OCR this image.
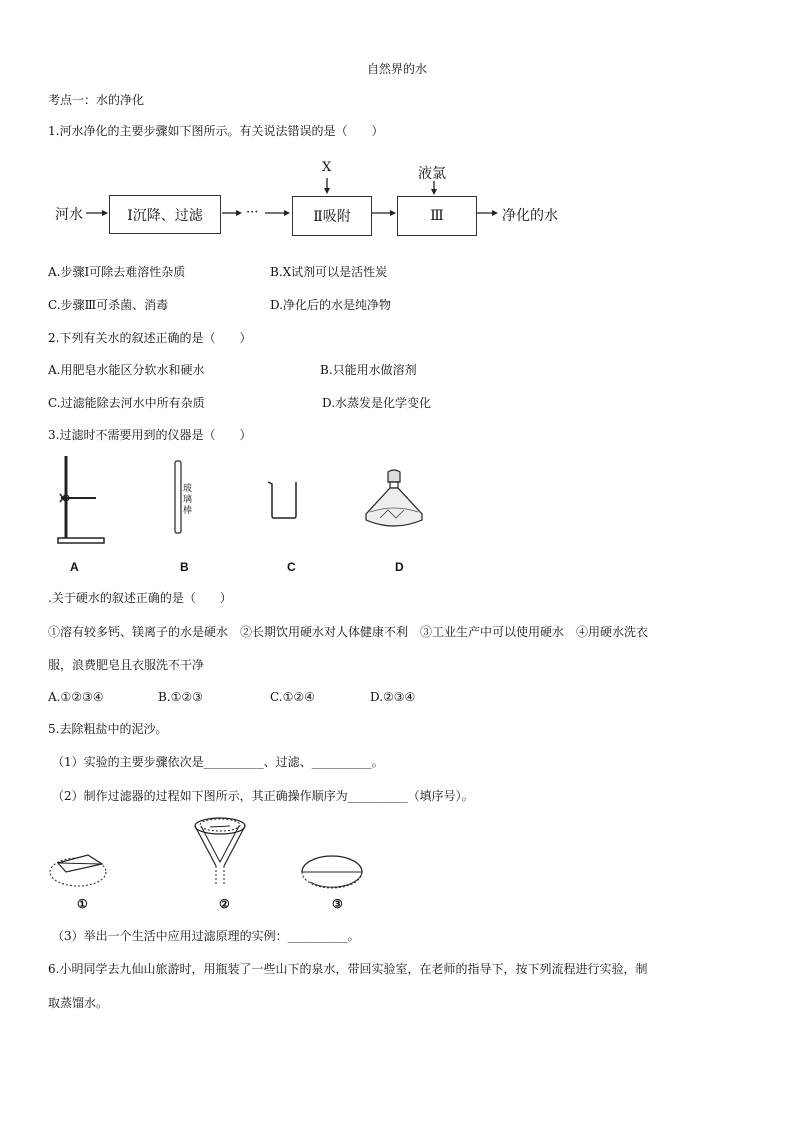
自然界的水
考点一：水的净化
1.河水净化的主要步骤如下图所示。有关说法错误的是（　　）
河水	Ⅰ沉降、过滤	···
X
Ⅱ吸附
液氯
Ⅲ	净化的水
A.步骤Ⅰ可除去难溶性杂质	B.X试剂可以是活性炭
C.步骤Ⅲ可杀菌、消毒	D.净化后的水是纯净物
2.下列有关水的叙述正确的是（　　）
A.用肥皂水能区分软水和硬水	B.只能用水做溶剂
C.过滤能除去河水中所有杂质	D.水蒸发是化学变化
3.过滤时不需要用到的仪器是（　　）
A
玻璃棒
B	C	D
.关于硬水的叙述正确的是（　　）
①溶有较多钙、镁离子的水是硬水　②长期饮用硬水对人体健康不利　③工业生产中可以使用硬水　④用硬水洗衣
服，浪费肥皂且衣服洗不干净
A.①②③④	B.①②③	C.①②④	D.②③④
5.去除粗盐中的泥沙。
（1）实验的主要步骤依次是__________、过滤、__________。
（2）制作过滤器的过程如下图所示，其正确操作顺序为__________（填序号）。
①	②	③
（3）举出一个生活中应用过滤原理的实例：__________。
6.小明同学去九仙山旅游时，用瓶装了一些山下的泉水，带回实验室，在老师的指导下，按下列流程进行实验，制
取蒸馏水。
